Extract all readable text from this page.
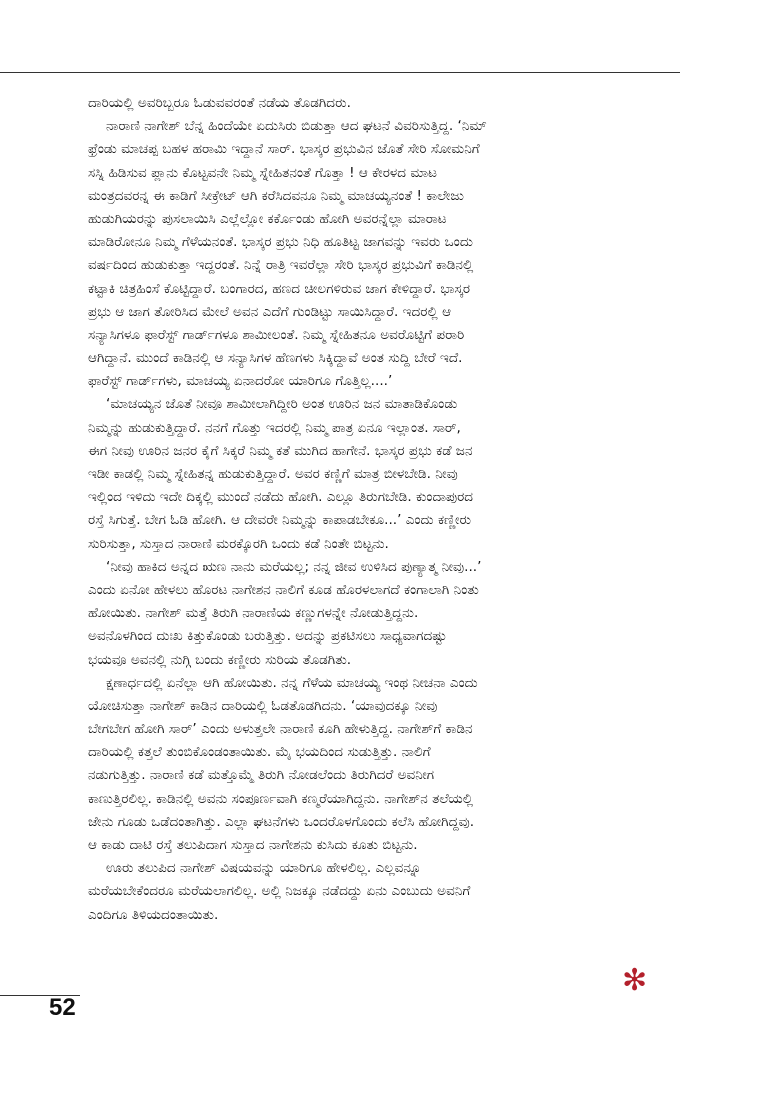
ದಾರಿಯಲ್ಲಿ ಅವರಿಬ್ಬರೂ ಓಡುವವರಂತೆ ನಡೆಯ ತೊಡಗಿದರು.
ನಾರಾಣಿ ನಾಗೇಶ್ ಬೆನ್ನ ಹಿಂದೆಯೇ ಏದುಸಿರು ಬಿಡುತ್ತಾ ಆದ ಘಟನೆ ವಿವರಿಸುತ್ತಿದ್ದ. ‘ನಿಮ್
ಫ್ರೆಂಡು ಮಾಚಪ್ಪ ಬಹಳ ಹರಾಮಿ ಇದ್ದಾನೆ ಸಾರ್. ಭಾಸ್ಕರ ಪ್ರಭುವಿನ ಜೊತೆ ಸೇರಿ ಸೋಮನಿಗೆ
ಸಸ್ನಿ ಹಿಡಿಸುವ ಪ್ಲಾನು ಕೊಟ್ಟವನೇ ನಿಮ್ಮ ಸ್ನೇಹಿತನಂತೆ ಗೊತ್ತಾ ! ಆ ಕೇರಳದ ಮಾಟ
ಮಂತ್ರದವರನ್ನ ಈ ಕಾಡಿಗೆ ಸೀಕ್ರೇಟ್ ಆಗಿ ಕರೆಸಿದವನೂ ನಿಮ್ಮ ಮಾಚಯ್ಯನಂತೆ ! ಕಾಲೇಜು
ಹುಡುಗಿಯರನ್ನು ಪುಸಲಾಯಿಸಿ ಎಲ್ಲೆಲ್ಲೋ ಕರ್ಕೊಂಡು ಹೋಗಿ ಅವರನ್ನೆಲ್ಲಾ ಮಾರಾಟ
ಮಾಡಿರೋನೂ ನಿಮ್ಮ ಗೆಳೆಯನಂತೆ. ಭಾಸ್ಕರ ಪ್ರಭು ನಿಧಿ ಹೂತಿಟ್ಟ ಜಾಗವನ್ನು ಇವರು ಒಂದು
ವರ್ಷದಿಂದ ಹುಡುಕುತ್ತಾ ಇದ್ದರಂತೆ. ನಿನ್ನೆ ರಾತ್ರಿ ಇವರೆಲ್ಲಾ ಸೇರಿ ಭಾಸ್ಕರ ಪ್ರಭುವಿಗೆ ಕಾಡಿನಲ್ಲಿ
ಕಟ್ಟಾಕಿ ಚಿತ್ರಹಿಂಸೆ ಕೊಟ್ಟಿದ್ದಾರೆ. ಬಂಗಾರದ, ಹಣದ ಚೀಲಗಳಿರುವ ಜಾಗ ಕೇಳಿದ್ದಾರೆ. ಭಾಸ್ಕರ
ಪ್ರಭು ಆ ಜಾಗ ತೋರಿಸಿದ ಮೇಲೆ ಅವನ ಎದೆಗೆ ಗುಂಡಿಟ್ಟು ಸಾಯಿಸಿದ್ದಾರೆ. ಇದರಲ್ಲಿ ಆ
ಸನ್ಯಾಸಿಗಳೂ ಫಾರೆಸ್ಟ್ ಗಾರ್ಡ್‌ಗಳೂ ಶಾಮೀಲಂತೆ. ನಿಮ್ಮ ಸ್ನೇಹಿತನೂ ಅವರೊಟ್ಟಿಗೆ ಪರಾರಿ
ಆಗಿದ್ದಾನೆ. ಮುಂದೆ ಕಾಡಿನಲ್ಲಿ ಆ ಸನ್ಯಾಸಿಗಳ ಹೆಣಗಳು ಸಿಕ್ಕಿದ್ದಾವೆ ಅಂತ ಸುದ್ದಿ ಬೇರೆ ಇದೆ.
ಫಾರೆಸ್ಟ್ ಗಾರ್ಡ್‌ಗಳು, ಮಾಚಯ್ಯ ಏನಾದರೋ ಯಾರಿಗೂ ಗೊತ್ತಿಲ್ಲ....’
‘ಮಾಚಯ್ಯನ ಜೊತೆ ನೀವೂ ಶಾಮೀಲಾಗಿದ್ದೀರಿ ಅಂತ ಊರಿನ ಜನ ಮಾತಾಡಿಕೊಂಡು
ನಿಮ್ಮನ್ನು ಹುಡುಕುತ್ತಿದ್ದಾರೆ. ನನಗೆ ಗೊತ್ತು ಇದರಲ್ಲಿ ನಿಮ್ಮ ಪಾತ್ರ ಏನೂ ಇಲ್ಲಾಂತ. ಸಾರ್,
ಈಗ ನೀವು ಊರಿನ ಜನರ ಕೈಗೆ ಸಿಕ್ಕರೆ ನಿಮ್ಮ ಕತೆ ಮುಗಿದ ಹಾಗೇನೆ. ಭಾಸ್ಕರ ಪ್ರಭು ಕಡೆ ಜನ
ಇಡೀ ಕಾಡಲ್ಲಿ ನಿಮ್ಮ ಸ್ನೇಹಿತನ್ನ ಹುಡುಕುತ್ತಿದ್ದಾರೆ. ಅವರ ಕಣ್ಣಿಗೆ ಮಾತ್ರ ಬೀಳಬೇಡಿ. ನೀವು
ಇಲ್ಲಿಂದ ಇಳಿದು ಇದೇ ದಿಕ್ಕಲ್ಲಿ ಮುಂದೆ ನಡೆದು ಹೋಗಿ. ಎಲ್ಲೂ ತಿರುಗಬೇಡಿ. ಕುಂದಾಪುರದ
ರಸ್ತೆ ಸಿಗುತ್ತೆ. ಬೇಗ ಓಡಿ ಹೋಗಿ. ಆ ದೇವರೇ ನಿಮ್ಮನ್ನು ಕಾಪಾಡಬೇಕೂ...’ ಎಂದು ಕಣ್ಣೀರು
ಸುರಿಸುತ್ತಾ, ಸುಸ್ತಾದ ನಾರಾಣಿ ಮರಕ್ಕೊರಗಿ ಒಂದು ಕಡೆ ನಿಂತೇ ಬಿಟ್ಟನು.
‘ನೀವು ಹಾಕಿದ ಅನ್ನದ ಋಣ ನಾನು ಮರೆಯಲ್ಲ; ನನ್ನ ಜೀವ ಉಳಿಸಿದ ಪುಣ್ಯಾತ್ಮ ನೀವು...’
ಎಂದು ಏನೋ ಹೇಳಲು ಹೊರಟ ನಾಗೇಶನ ನಾಲಿಗೆ ಕೂಡ ಹೊರಳಲಾಗದೆ ಕಂಗಾಲಾಗಿ ನಿಂತು
ಹೋಯಿತು. ನಾಗೇಶ್ ಮತ್ತೆ ತಿರುಗಿ ನಾರಾಣಿಯ ಕಣ್ಣುಗಳನ್ನೇ ನೋಡುತ್ತಿದ್ದನು.
ಅವನೊಳಗಿಂದ ದುಃಖ ಕಿತ್ತುಕೊಂಡು ಬರುತ್ತಿತ್ತು. ಅದನ್ನು ಪ್ರಕಟಿಸಲು ಸಾಧ್ಯವಾಗದಷ್ಟು
ಭಯವೂ ಅವನಲ್ಲಿ ನುಗ್ಗಿ ಬಂದು ಕಣ್ಣೀರು ಸುರಿಯ ತೊಡಗಿತು.
ಕ್ಷಣಾರ್ಧದಲ್ಲಿ ಏನೆಲ್ಲಾ ಆಗಿ ಹೋಯಿತು. ನನ್ನ ಗೆಳೆಯ ಮಾಚಯ್ಯ ಇಂಥ ನೀಚನಾ ಎಂದು
ಯೋಚಿಸುತ್ತಾ ನಾಗೇಶ್ ಕಾಡಿನ ದಾರಿಯಲ್ಲಿ ಓಡತೊಡಗಿದನು. ‘ಯಾವುದಕ್ಕೂ ನೀವು
ಬೇಗಬೇಗ ಹೋಗಿ ಸಾರ್’ ಎಂದು ಅಳುತ್ತಲೇ ನಾರಾಣಿ ಕೂಗಿ ಹೇಳುತ್ತಿದ್ದ. ನಾಗೇಶ್‌ಗೆ ಕಾಡಿನ
ದಾರಿಯಲ್ಲಿ ಕತ್ತಲೆ ತುಂಬಿಕೊಂಡಂತಾಯಿತು. ಮೈ ಭಯದಿಂದ ಸುಡುತ್ತಿತ್ತು. ನಾಲಿಗೆ
ನಡುಗುತ್ತಿತ್ತು. ನಾರಾಣಿ ಕಡೆ ಮತ್ತೊಮ್ಮೆ ತಿರುಗಿ ನೋಡಲೆಂದು ತಿರುಗಿದರೆ ಅವನೀಗ
ಕಾಣುತ್ತಿರಲಿಲ್ಲ. ಕಾಡಿನಲ್ಲಿ ಅವನು ಸಂಪೂರ್ಣವಾಗಿ ಕಣ್ಮರೆಯಾಗಿದ್ದನು. ನಾಗೇಶ್‌ನ ತಲೆಯಲ್ಲಿ
ಜೇನು ಗೂಡು ಒಡೆದಂತಾಗಿತ್ತು. ಎಲ್ಲಾ ಘಟನೆಗಳು ಒಂದರೊಳಗೊಂದು ಕಲೆಸಿ ಹೋಗಿದ್ದವು.
ಆ ಕಾಡು ದಾಟಿ ರಸ್ತೆ ತಲುಪಿದಾಗ ಸುಸ್ತಾದ ನಾಗೇಶನು ಕುಸಿದು ಕೂತು ಬಿಟ್ಟನು.
ಊರು ತಲುಪಿದ ನಾಗೇಶ್ ವಿಷಯವನ್ನು ಯಾರಿಗೂ ಹೇಳಲಿಲ್ಲ. ಎಲ್ಲವನ್ನೂ
ಮರೆಯಬೇಕೆಂದರೂ ಮರೆಯಲಾಗಲಿಲ್ಲ. ಅಲ್ಲಿ ನಿಜಕ್ಕೂ ನಡೆದದ್ದು ಏನು ಎಂಬುದು ಅವನಿಗೆ
ಎಂದಿಗೂ ತಿಳಿಯದಂತಾಯಿತು.
✻
52
